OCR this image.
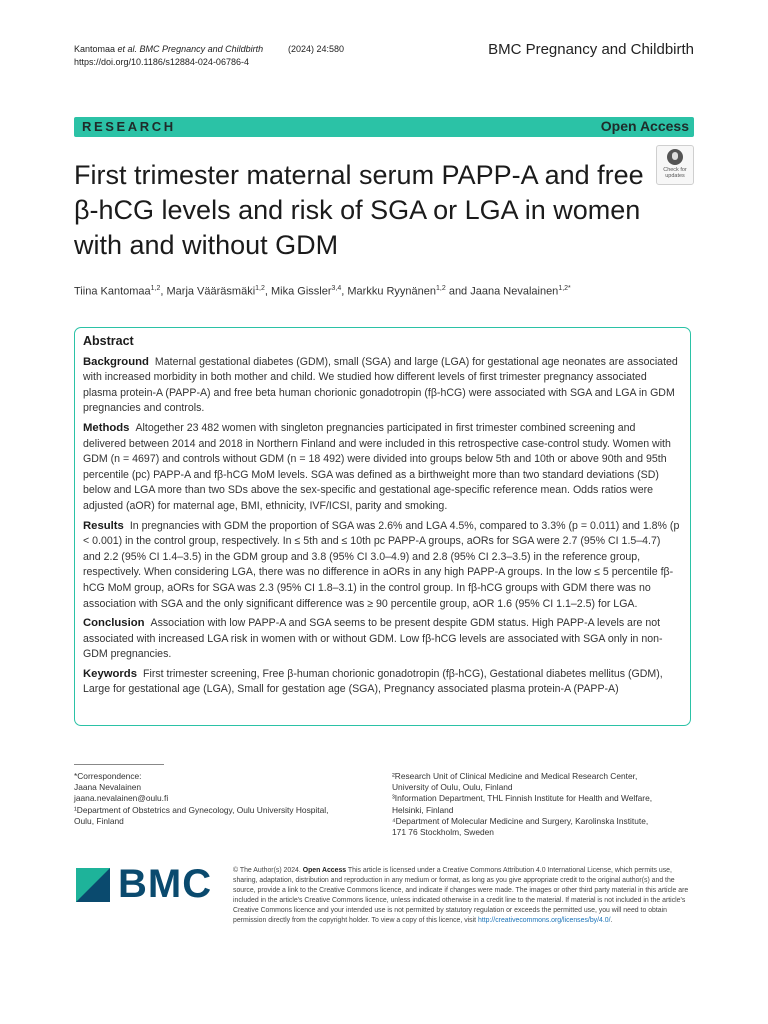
Kantomaa et al. BMC Pregnancy and Childbirth	(2024) 24:580
https://doi.org/10.1186/s12884-024-06786-4
BMC Pregnancy and Childbirth
RESEARCH	Open Access
First trimester maternal serum PAPP-A and free β-hCG levels and risk of SGA or LGA in women with and without GDM
Check for
updates
Tiina Kantomaa$^{1,2}$, Marja Vääräsmäki$^{1,2}$, Mika Gissler$^{3,4}$, Markku Ryynänen$^{1,2}$ and Jaana Nevalainen$^{1,2*}$
Abstract

Background Maternal gestational diabetes (GDM), small (SGA) and large (LGA) for gestational age neonates are associated with increased morbidity in both mother and child. We studied how different levels of first trimester pregnancy associated plasma protein-A (PAPP-A) and free beta human chorionic gonadotropin (fβ-hCG) were associated with SGA and LGA in GDM pregnancies and controls.

Methods Altogether 23 482 women with singleton pregnancies participated in first trimester combined screening and delivered between 2014 and 2018 in Northern Finland and were included in this retrospective case-control study. Women with GDM (n = 4697) and controls without GDM (n = 18 492) were divided into groups below 5th and 10th or above 90th and 95th percentile (pc) PAPP-A and fβ-hCG MoM levels. SGA was defined as a birthweight more than two standard deviations (SD) below and LGA more than two SDs above the sex-specific and gestational age-specific reference mean. Odds ratios were adjusted (aOR) for maternal age, BMI, ethnicity, IVF/ICSI, parity and smoking.

Results In pregnancies with GDM the proportion of SGA was 2.6% and LGA 4.5%, compared to 3.3% (p = 0.011) and 1.8% (p < 0.001) in the control group, respectively. In ≤ 5th and ≤ 10th pc PAPP-A groups, aORs for SGA were 2.7 (95% CI 1.5–4.7) and 2.2 (95% CI 1.4–3.5) in the GDM group and 3.8 (95% CI 3.0–4.9) and 2.8 (95% CI 2.3–3.5) in the reference group, respectively. When considering LGA, there was no difference in aORs in any high PAPP-A groups. In the low ≤ 5 percentile fβ-hCG MoM group, aORs for SGA was 2.3 (95% CI 1.8–3.1) in the control group. In fβ-hCG groups with GDM there was no association with SGA and the only significant difference was ≥ 90 percentile group, aOR 1.6 (95% CI 1.1–2.5) for LGA.

Conclusion Association with low PAPP-A and SGA seems to be present despite GDM status. High PAPP-A levels are not associated with increased LGA risk in women with or without GDM. Low fβ-hCG levels are associated with SGA only in non-GDM pregnancies.

Keywords First trimester screening, Free β-human chorionic gonadotropin (fβ-hCG), Gestational diabetes mellitus (GDM), Large for gestational age (LGA), Small for gestation age (SGA), Pregnancy associated plasma protein-A (PAPP-A)

*Correspondence:
Jaana Nevalainen
jaana.nevalainen@oulu.fi
¹Department of Obstetrics and Gynecology, Oulu University Hospital,
Oulu, Finland
²Research Unit of Clinical Medicine and Medical Research Center,
University of Oulu, Oulu, Finland
³Information Department, THL Finnish Institute for Health and Welfare,
Helsinki, Finland
⁴Department of Molecular Medicine and Surgery, Karolinska Institute,
171 76 Stockholm, Sweden
BMC	© The Author(s) 2024. Open Access This article is licensed under a Creative Commons Attribution 4.0 International License, which permits use, sharing, adaptation, distribution and reproduction in any medium or format, as long as you give appropriate credit to the original author(s) and the source, provide a link to the Creative Commons licence, and indicate if changes were made. The images or other third party material in this article are included in the article's Creative Commons licence, unless indicated otherwise in a credit line to the material. If material is not included in the article's Creative Commons licence and your intended use is not permitted by statutory regulation or exceeds the permitted use, you will need to obtain permission directly from the copyright holder. To view a copy of this licence, visit http://creativecommons.org/licenses/by/4.0/.
